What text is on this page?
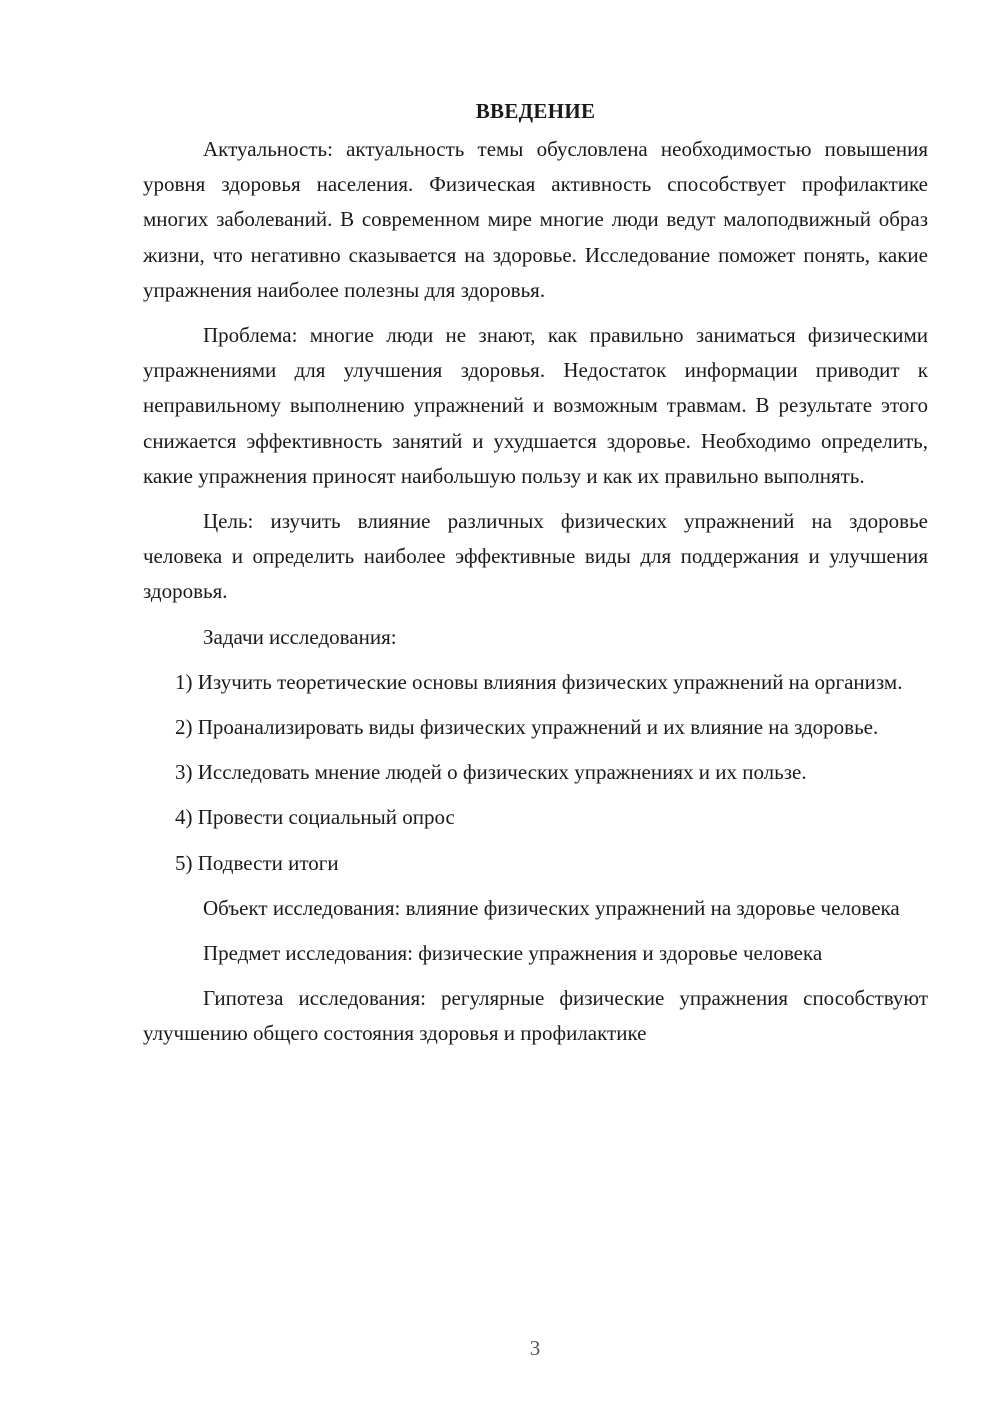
ВВЕДЕНИЕ

Актуальность: актуальность темы обусловлена необходимостью повышения уровня здоровья населения. Физическая активность способствует профилактике многих заболеваний. В современном мире многие люди ведут малоподвижный образ жизни, что негативно сказывается на здоровье. Исследование поможет понять, какие упражнения наиболее полезны для здоровья.

Проблема: многие люди не знают, как правильно заниматься физическими упражнениями для улучшения здоровья. Недостаток информации приводит к неправильному выполнению упражнений и возможным травмам. В результате этого снижается эффективность занятий и ухудшается здоровье. Необходимо определить, какие упражнения приносят наибольшую пользу и как их правильно выполнять.

Цель: изучить влияние различных физических упражнений на здоровье человека и определить наиболее эффективные виды для поддержания и улучшения здоровья.

Задачи исследования:

1) Изучить теоретические основы влияния физических упражнений на организм.

2) Проанализировать виды физических упражнений и их влияние на здоровье.

3) Исследовать мнение людей о физических упражнениях и их пользе.

4) Провести социальный опрос

5) Подвести итоги

Объект исследования: влияние физических упражнений на здоровье человека

Предмет исследования: физические упражнения и здоровье человека

Гипотеза исследования: регулярные физические упражнения способствуют улучшению общего состояния здоровья и профилактике

3
